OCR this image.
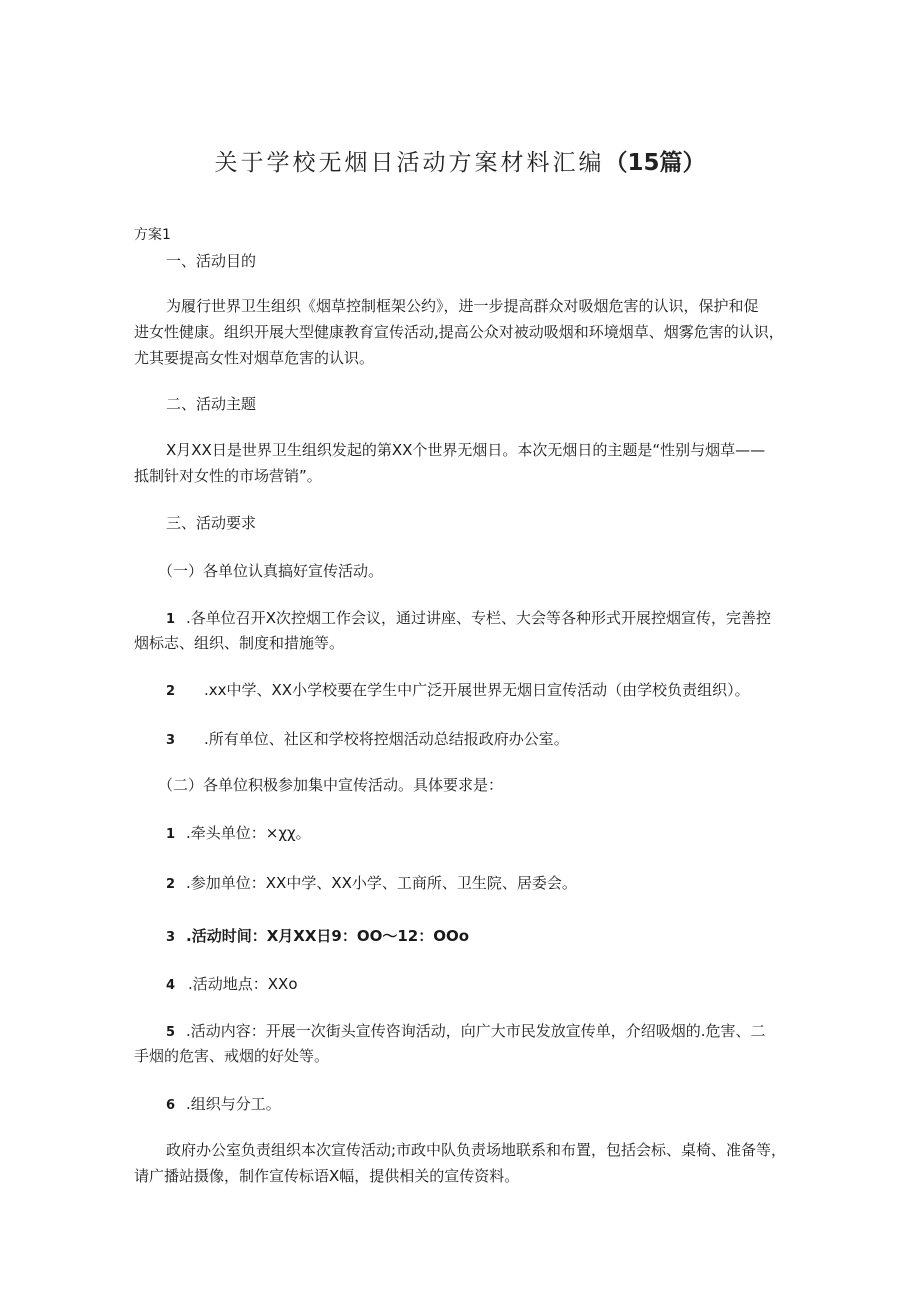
关于学校无烟日活动方案材料汇编（15篇）

方案1

一、活动目的

为履行世界卫生组织《烟草控制框架公约》，进一步提高群众对吸烟危害的认识，保护和促

进女性健康。组织开展大型健康教育宣传活动,提高公众对被动吸烟和环境烟草、烟雾危害的认识，

尤其要提高女性对烟草危害的认识。

二、活动主题

X月XX日是世界卫生组织发起的第XX个世界无烟日。本次无烟日的主题是“性别与烟草——

抵制针对女性的市场营销”。

三、活动要求

（一）各单位认真搞好宣传活动。

1 .各单位召开X次控烟工作会议，通过讲座、专栏、大会等各种形式开展控烟宣传，完善控

烟标志、组织、制度和措施等。

2 .xx中学、XX小学校要在学生中广泛开展世界无烟日宣传活动（由学校负责组织）。

3 .所有单位、社区和学校将控烟活动总结报政府办公室。

（二）各单位积极参加集中宣传活动。具体要求是：

1 .牵头单位：×χχ。

2 .参加单位：XX中学、XX小学、工商所、卫生院、居委会。

3 .活动时间：X月XX日9：OO～12：OOo

4 .活动地点：XXo

5 .活动内容：开展一次街头宣传咨询活动，向广大市民发放宣传单，介绍吸烟的.危害、二

手烟的危害、戒烟的好处等。

6 .组织与分工。

政府办公室负责组织本次宣传活动;市政中队负责场地联系和布置，包括会标、桌椅、准备等，

请广播站摄像，制作宣传标语X幅，提供相关的宣传资料。
